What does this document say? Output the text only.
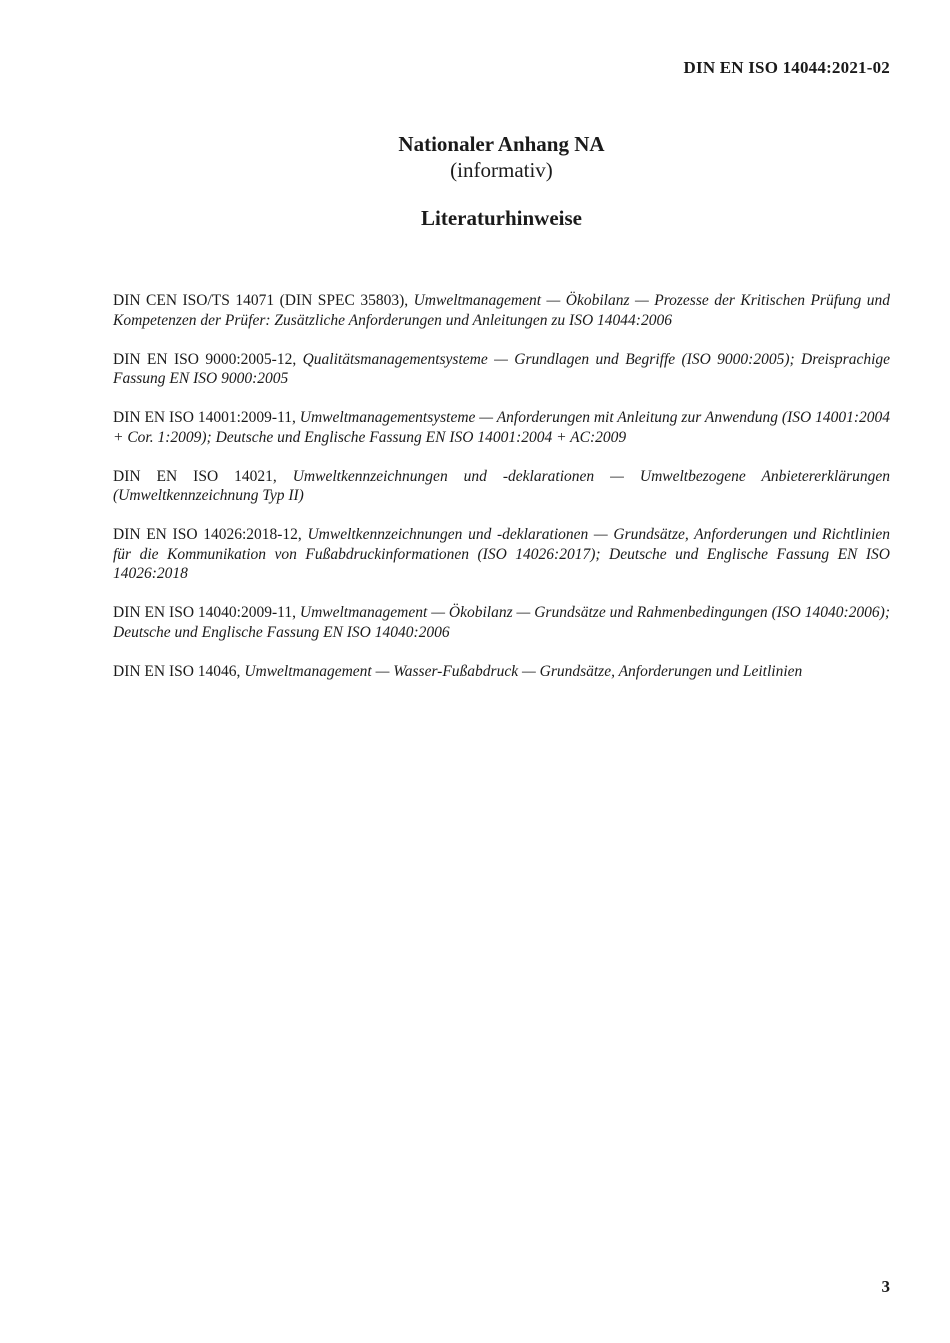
DIN EN ISO 14044:2021-02
Nationaler Anhang NA
(informativ)
Literaturhinweise

DIN CEN ISO/TS 14071 (DIN SPEC 35803), Umweltmanagement — Ökobilanz — Prozesse der Kritischen Prüfung und Kompetenzen der Prüfer: Zusätzliche Anforderungen und Anleitungen zu ISO 14044:2006

DIN EN ISO 9000:2005-12, Qualitätsmanagementsysteme — Grundlagen und Begriffe (ISO 9000:2005); Dreisprachige Fassung EN ISO 9000:2005

DIN EN ISO 14001:2009-11, Umweltmanagementsysteme — Anforderungen mit Anleitung zur Anwendung (ISO 14001:2004 + Cor. 1:2009); Deutsche und Englische Fassung EN ISO 14001:2004 + AC:2009

DIN EN ISO 14021, Umweltkennzeichnungen und -deklarationen — Umweltbezogene Anbietererklärungen (Umweltkennzeichnung Typ II)

DIN EN ISO 14026:2018-12, Umweltkennzeichnungen und -deklarationen — Grundsätze, Anforderungen und Richtlinien für die Kommunikation von Fußabdruckinformationen (ISO 14026:2017); Deutsche und Englische Fassung EN ISO 14026:2018

DIN EN ISO 14040:2009-11, Umweltmanagement — Ökobilanz — Grundsätze und Rahmenbedingungen (ISO 14040:2006); Deutsche und Englische Fassung EN ISO 14040:2006

DIN EN ISO 14046, Umweltmanagement — Wasser-Fußabdruck — Grundsätze, Anforderungen und Leitlinien

3
